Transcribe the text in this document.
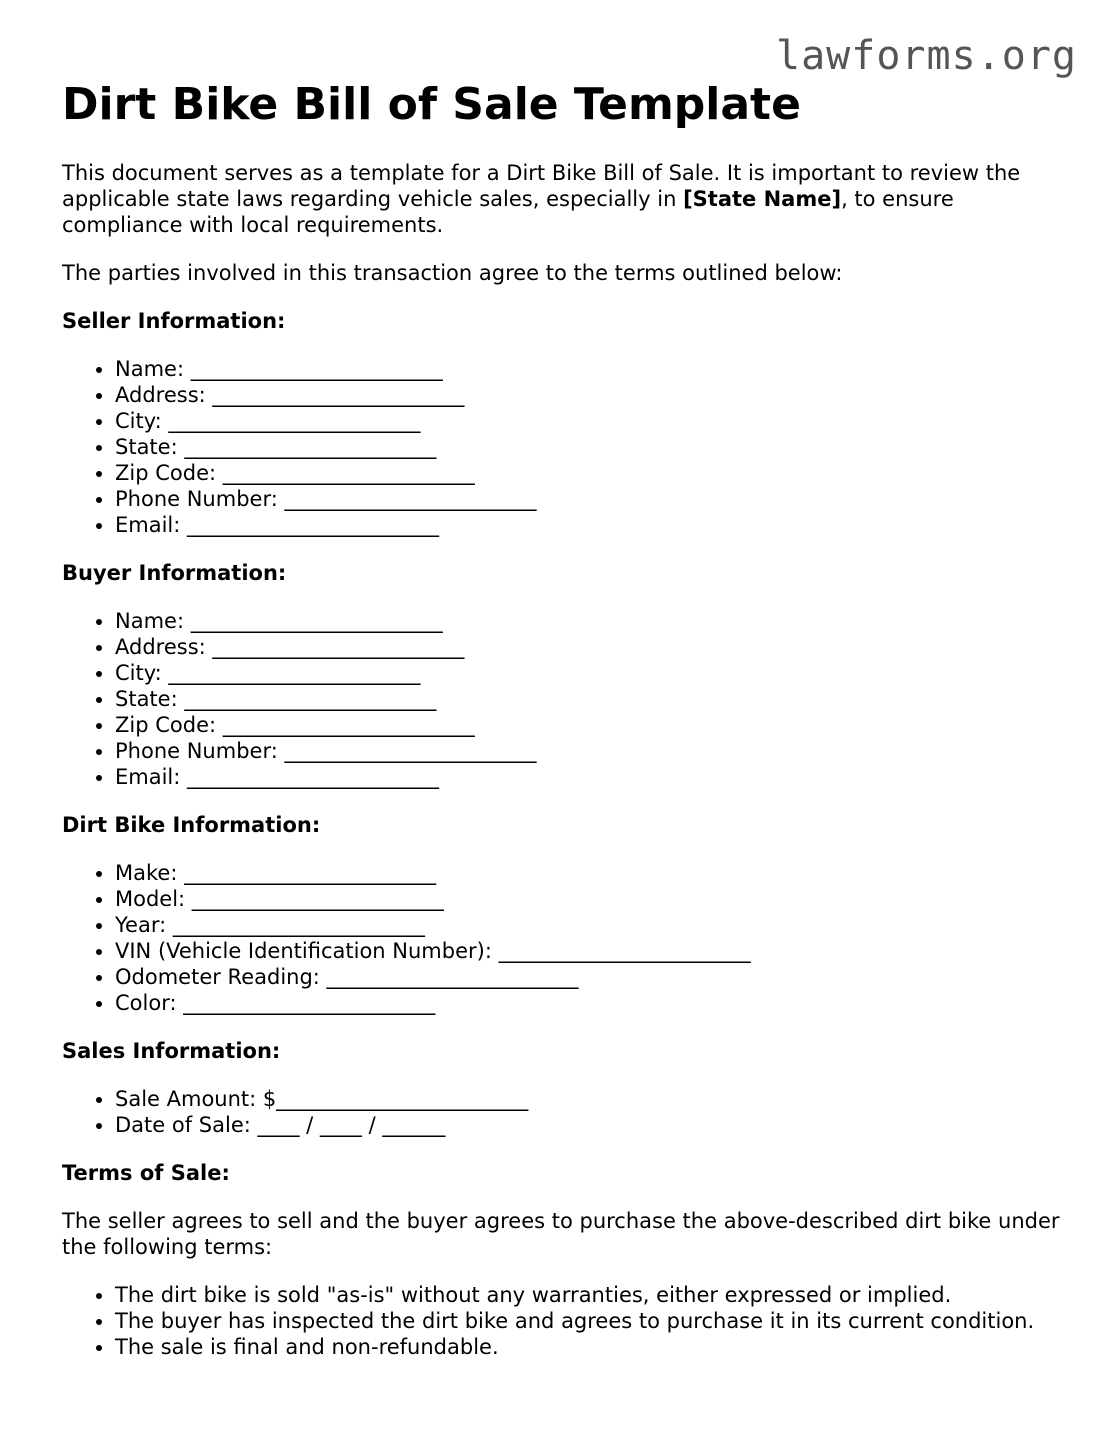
lawforms.org
Dirt Bike Bill of Sale Template

This document serves as a template for a Dirt Bike Bill of Sale. It is important to review the applicable state laws regarding vehicle sales, especially in [State Name], to ensure compliance with local requirements.

The parties involved in this transaction agree to the terms outlined below:

Seller Information:

• Name: ________________________
• Address: ________________________
• City: ________________________
• State: ________________________
• Zip Code: ________________________
• Phone Number: ________________________
• Email: ________________________

Buyer Information:

• Name: ________________________
• Address: ________________________
• City: ________________________
• State: ________________________
• Zip Code: ________________________
• Phone Number: ________________________
• Email: ________________________

Dirt Bike Information:

• Make: ________________________
• Model: ________________________
• Year: ________________________
• VIN (Vehicle Identification Number): ________________________
• Odometer Reading: ________________________
• Color: ________________________

Sales Information:

• Sale Amount: $________________________
• Date of Sale: ____ / ____ / ______

Terms of Sale:

The seller agrees to sell and the buyer agrees to purchase the above-described dirt bike under the following terms:

• The dirt bike is sold "as-is" without any warranties, either expressed or implied.
• The buyer has inspected the dirt bike and agrees to purchase it in its current condition.
• The sale is final and non-refundable.
